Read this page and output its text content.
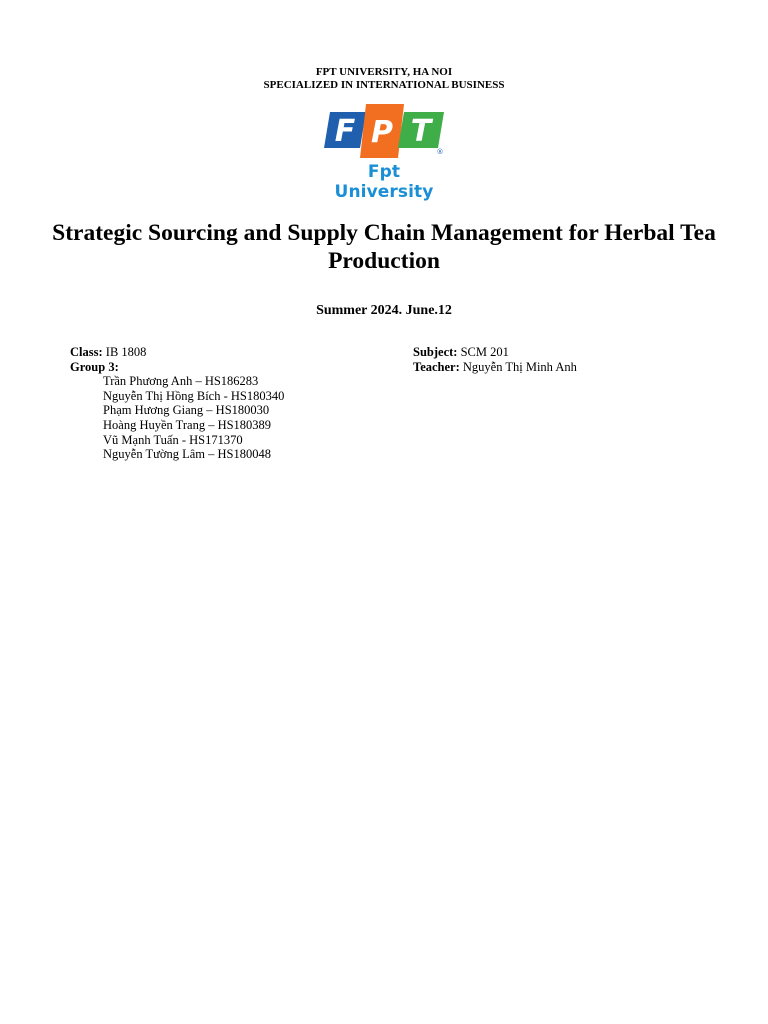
FPT UNIVERSITY, HA NOI
SPECIALIZED IN INTERNATIONAL BUSINESS
F P T
®
Fpt University
Strategic Sourcing and Supply Chain Management for Herbal Tea Production
Summer 2024. June.12
Class: IB 1808
Group 3:
Trần Phương Anh – HS186283
Nguyễn Thị Hồng Bích - HS180340
Phạm Hương Giang – HS180030
Hoàng Huyền Trang – HS180389
Vũ Mạnh Tuấn - HS171370
Nguyễn Tường Lâm – HS180048
Subject: SCM 201
Teacher: Nguyễn Thị Minh Anh
